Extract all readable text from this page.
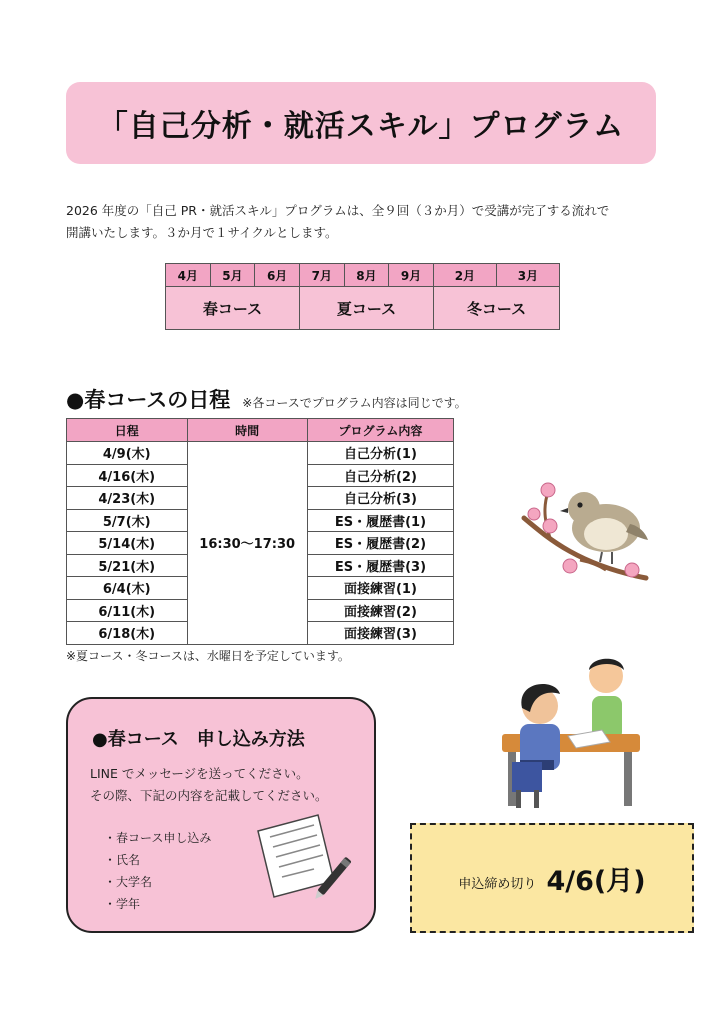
「自己分析・就活スキル」プログラム
2026 年度の「自己 PR・就活スキル」プログラムは、全９回（３か月）で受講が完了する流れで
開講いたします。３か月で１サイクルとします。
4月	5月	6月	7月	8月	9月	2月	3月
春コース			夏コース			冬コース	
●春コースの日程 ※各コースでプログラム内容は同じです。
日程	時間	プログラム内容
4/9(木)	16:30～17:30	自己分析(1)
4/16(木)		自己分析(2)
4/23(木)		自己分析(3)
5/7(木)		ES・履歴書(1)
5/14(木)		ES・履歴書(2)
5/21(木)		ES・履歴書(3)
6/4(木)		面接練習(1)
6/11(木)		面接練習(2)
6/18(木)		面接練習(3)
※夏コース・冬コースは、水曜日を予定しています。
●春コース　申し込み方法
LINE でメッセージを送ってください。
その際、下記の内容を記載してください。
・春コース申し込み
・氏名
・大学名
・学年
申込締め切り 4/6(月)
